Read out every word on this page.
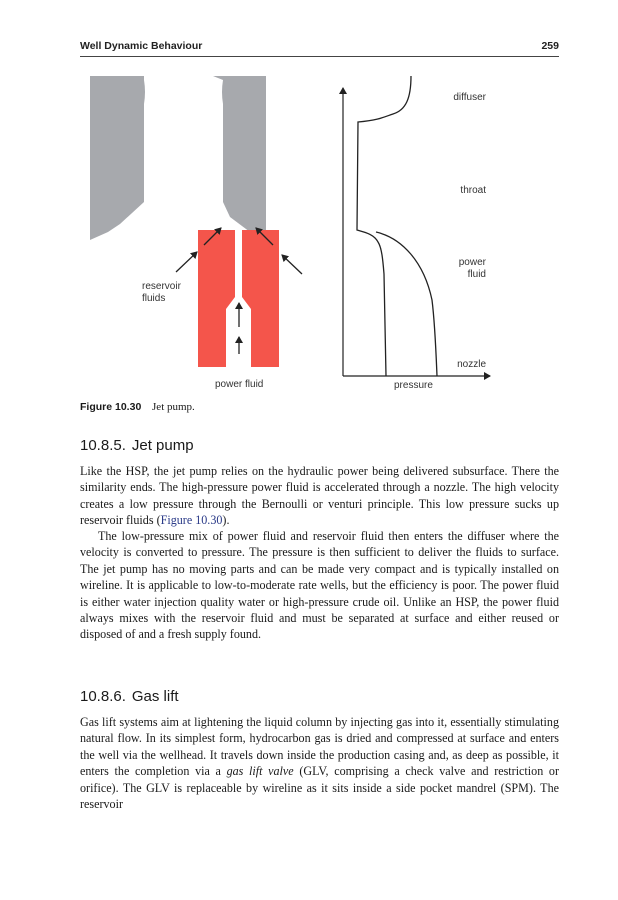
Well Dynamic Behaviour	259
reservoir
fluids
power fluid
diffuser
throat
power
fluid
nozzle
pressure
Figure 10.30 Jet pump.
10.8.5. Jet pump

Like the HSP, the jet pump relies on the hydraulic power being delivered subsurface. There the similarity ends. The high-pressure power fluid is accelerated through a nozzle. The high velocity creates a low pressure through the Bernoulli or venturi principle. This low pressure sucks up reservoir fluids (Figure 10.30).

The low-pressure mix of power fluid and reservoir fluid then enters the diffuser where the velocity is converted to pressure. The pressure is then sufficient to deliver the fluids to surface. The jet pump has no moving parts and can be made very compact and is typically installed on wireline. It is applicable to low-to-moderate rate wells, but the efficiency is poor. The power fluid is either water injection quality water or high-pressure crude oil. Unlike an HSP, the power fluid always mixes with the reservoir fluid and must be separated at surface and either reused or disposed of and a fresh supply found.

10.8.6. Gas lift

Gas lift systems aim at lightening the liquid column by injecting gas into it, essentially stimulating natural flow. In its simplest form, hydrocarbon gas is dried and compressed at surface and enters the well via the wellhead. It travels down inside the production casing and, as deep as possible, it enters the completion via a gas lift valve (GLV, comprising a check valve and restriction or orifice). The GLV is replaceable by wireline as it sits inside a side pocket mandrel (SPM). The reservoir
